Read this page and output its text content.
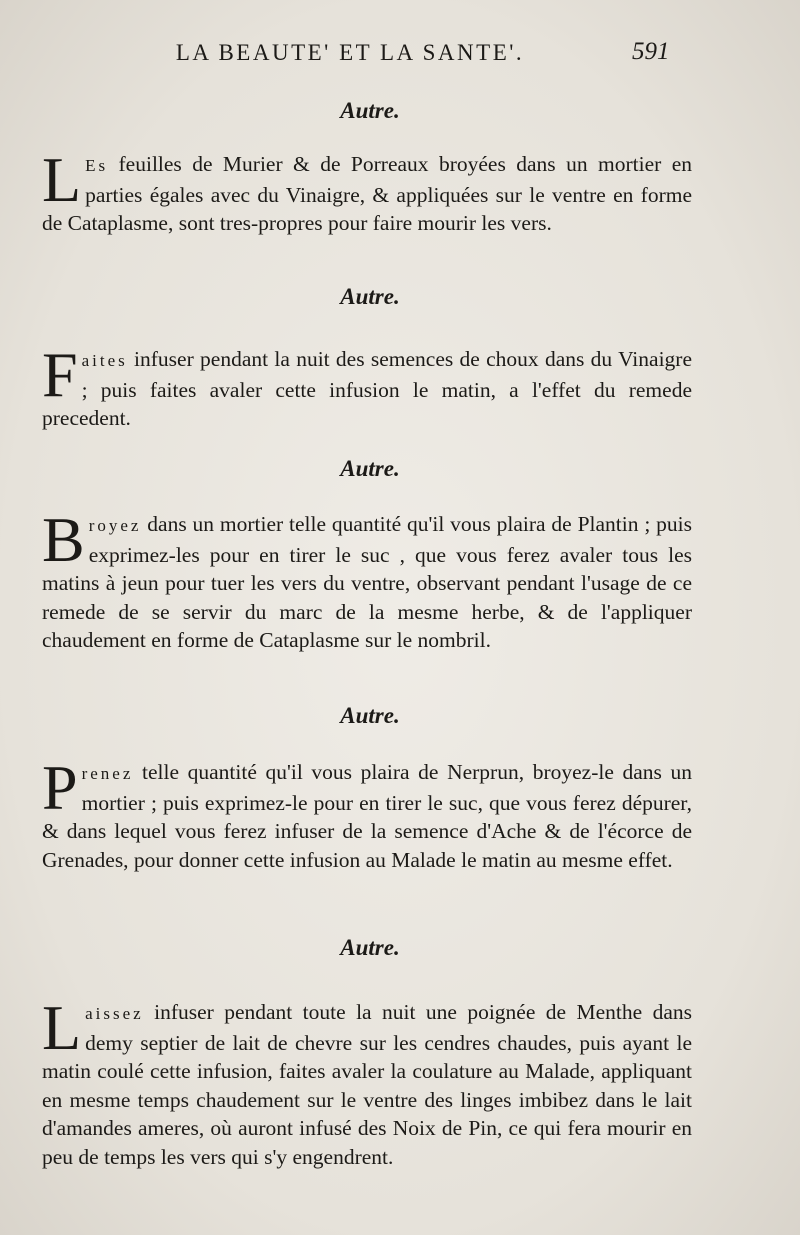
LA BEAUTE' ET LA SANTE'.	591
Autre.
L Es feuilles de Murier & de Porreaux broyées dans un mortier en parties égales avec du Vinaigre, & appliquées sur le ventre en forme de Cataplasme, sont tres-propres pour faire mourir les vers.
Autre.
Faites infuser pendant la nuit des semences de choux dans du Vinaigre ; puis faites avaler cette infusion le matin, a l'effet du remede precedent.
Autre.
Broyez dans un mortier telle quantité qu'il vous plaira de Plantin ; puis exprimez-les pour en tirer le suc , que vous ferez avaler tous les matins à jeun pour tuer les vers du ventre, observant pendant l'usage de ce remede de se servir du marc de la mesme herbe, & de l'appliquer chaudement en forme de Cataplasme sur le nombril.
Autre.
Prenez telle quantité qu'il vous plaira de Nerprun, broyez-le dans un mortier ; puis exprimez-le pour en tirer le suc, que vous ferez dépurer, & dans lequel vous ferez infuser de la semence d'Ache & de l'écorce de Grenades, pour donner cette infusion au Malade le matin au mesme effet.
Autre.
Laissez infuser pendant toute la nuit une poignée de Menthe dans demy septier de lait de chevre sur les cendres chaudes, puis ayant le matin coulé cette infusion, faites avaler la coulature au Malade, appliquant en mesme temps chaudement sur le ventre des linges imbibez dans le lait d'amandes ameres, où auront infusé des Noix de Pin, ce qui fera mourir en peu de temps les vers qui s'y engendrent.
